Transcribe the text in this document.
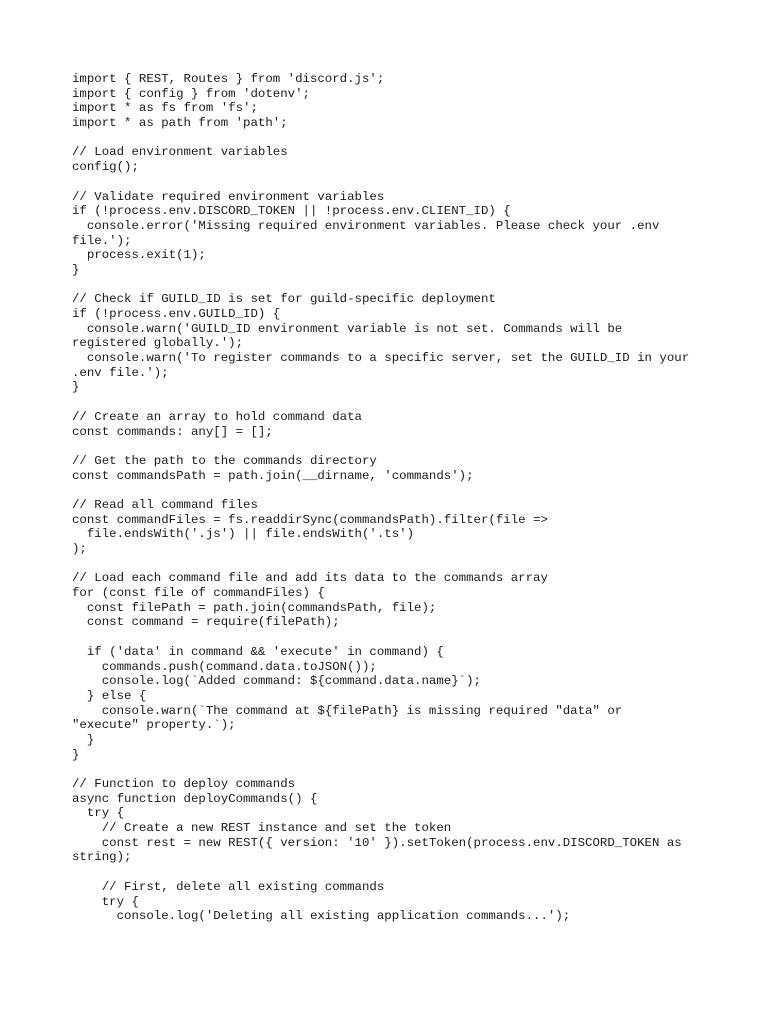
import { REST, Routes } from 'discord.js';
import { config } from 'dotenv';
import * as fs from 'fs';
import * as path from 'path';
// Load environment variables
config();
// Validate required environment variables
if (!process.env.DISCORD_TOKEN || !process.env.CLIENT_ID) {
console.error('Missing required environment variables. Please check your .env
file.');
process.exit(1);
}
// Check if GUILD_ID is set for guild-specific deployment
if (!process.env.GUILD_ID) {
console.warn('GUILD_ID environment variable is not set. Commands will be
registered globally.');
console.warn('To register commands to a specific server, set the GUILD_ID in your
.env file.');
}
// Create an array to hold command data
const commands: any[] = [];
// Get the path to the commands directory
const commandsPath = path.join(__dirname, 'commands');
// Read all command files
const commandFiles = fs.readdirSync(commandsPath).filter(file =>
file.endsWith('.js') || file.endsWith('.ts')
);
// Load each command file and add its data to the commands array
for (const file of commandFiles) {
const filePath = path.join(commandsPath, file);
const command = require(filePath);
if ('data' in command && 'execute' in command) {
commands.push(command.data.toJSON());
console.log(`Added command: ${command.data.name}`);
} else {
console.warn(`The command at ${filePath} is missing required "data" or
"execute" property.`);
}
}
// Function to deploy commands
async function deployCommands() {
try {
// Create a new REST instance and set the token
const rest = new REST({ version: '10' }).setToken(process.env.DISCORD_TOKEN as
string);
// First, delete all existing commands
try {
console.log('Deleting all existing application commands...');
